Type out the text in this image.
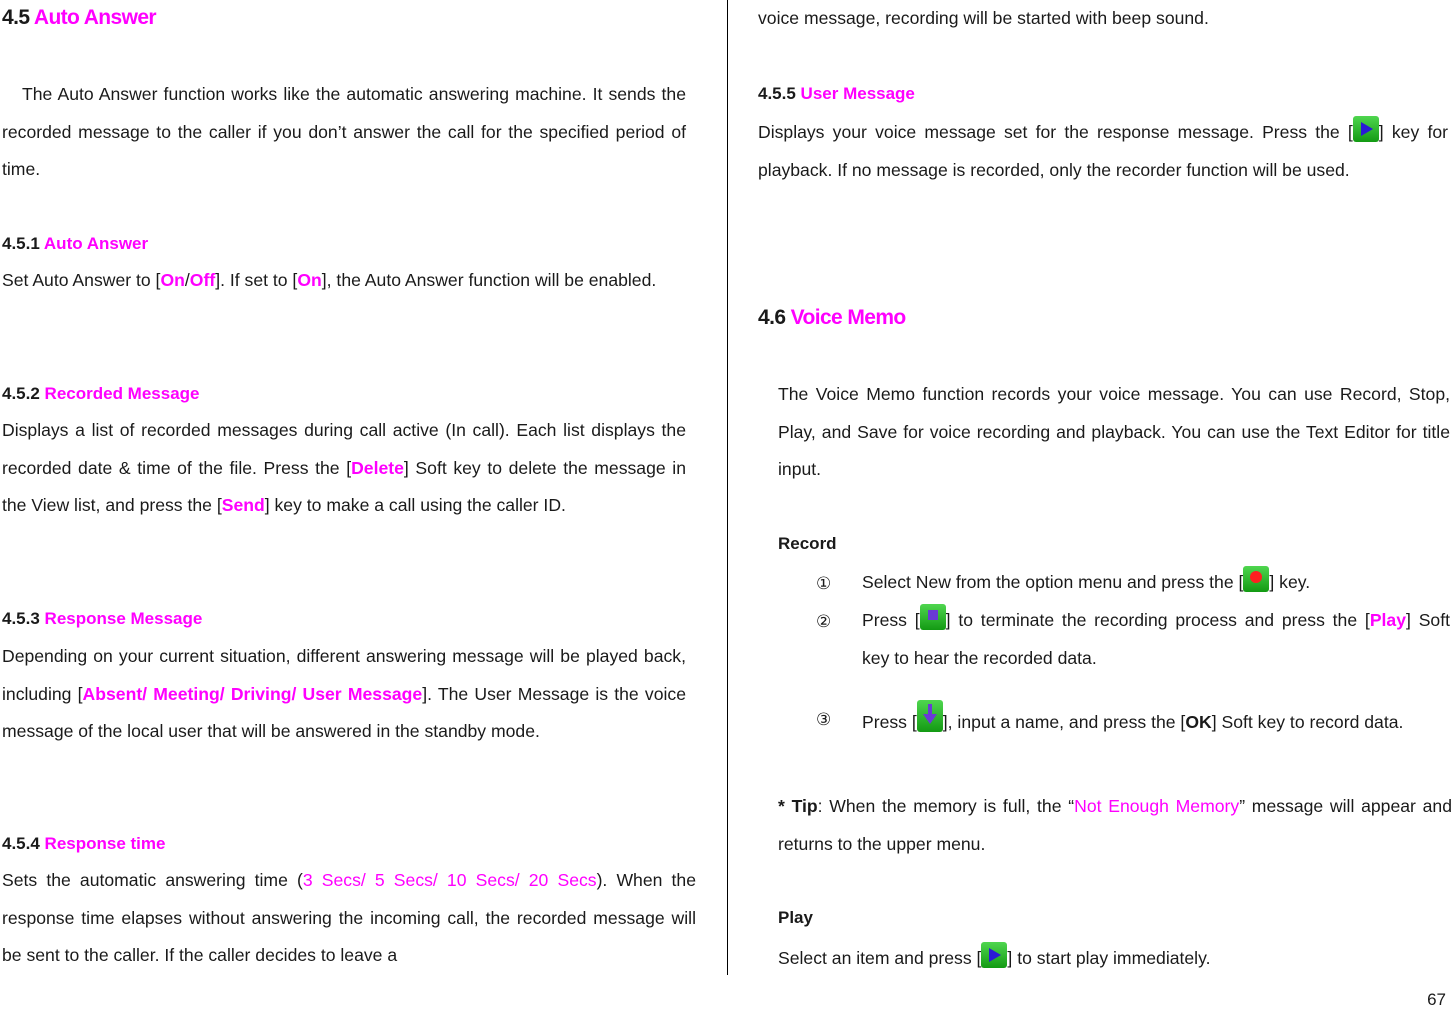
4.5 Auto Answer
The Auto Answer function works like the automatic answering machine. It sends the recorded message to the caller if you don’t answer the call for the specified period of time.
4.5.1 Auto Answer
Set Auto Answer to [On/Off]. If set to [On], the Auto Answer function will be enabled.
4.5.2 Recorded Message
Displays a list of recorded messages during call active (In call). Each list displays the recorded date & time of the file. Press the [Delete] Soft key to delete the message in the View list, and press the [Send] key to make a call using the caller ID.
4.5.3 Response Message
Depending on your current situation, different answering message will be played back, including [Absent/ Meeting/ Driving/ User Message]. The User Message is the voice message of the local user that will be answered in the standby mode.
4.5.4 Response time
Sets the automatic answering time (3 Secs/ 5 Secs/ 10 Secs/ 20 Secs). When the response time elapses without answering the incoming call, the recorded message will be sent to the caller. If the caller decides to leave a
voice message, recording will be started with beep sound.
4.5.5 User Message
Displays your voice message set for the response message. Press the [ ] key for playback. If no message is recorded, only the recorder function will be used.
4.6 Voice Memo
The Voice Memo function records your voice message. You can use Record, Stop, Play, and Save for voice recording and playback. You can use the Text Editor for title input.
Record
① Select New from the option menu and press the [ ] key.
② Press [ ] to terminate the recording process and press the [Play] Soft key to hear the recorded data.
③ Press [ ], input a name, and press the [OK] Soft key to record data.
* Tip: When the memory is full, the “Not Enough Memory” message will appear and returns to the upper menu.
Play
Select an item and press [ ] to start play immediately.
67
